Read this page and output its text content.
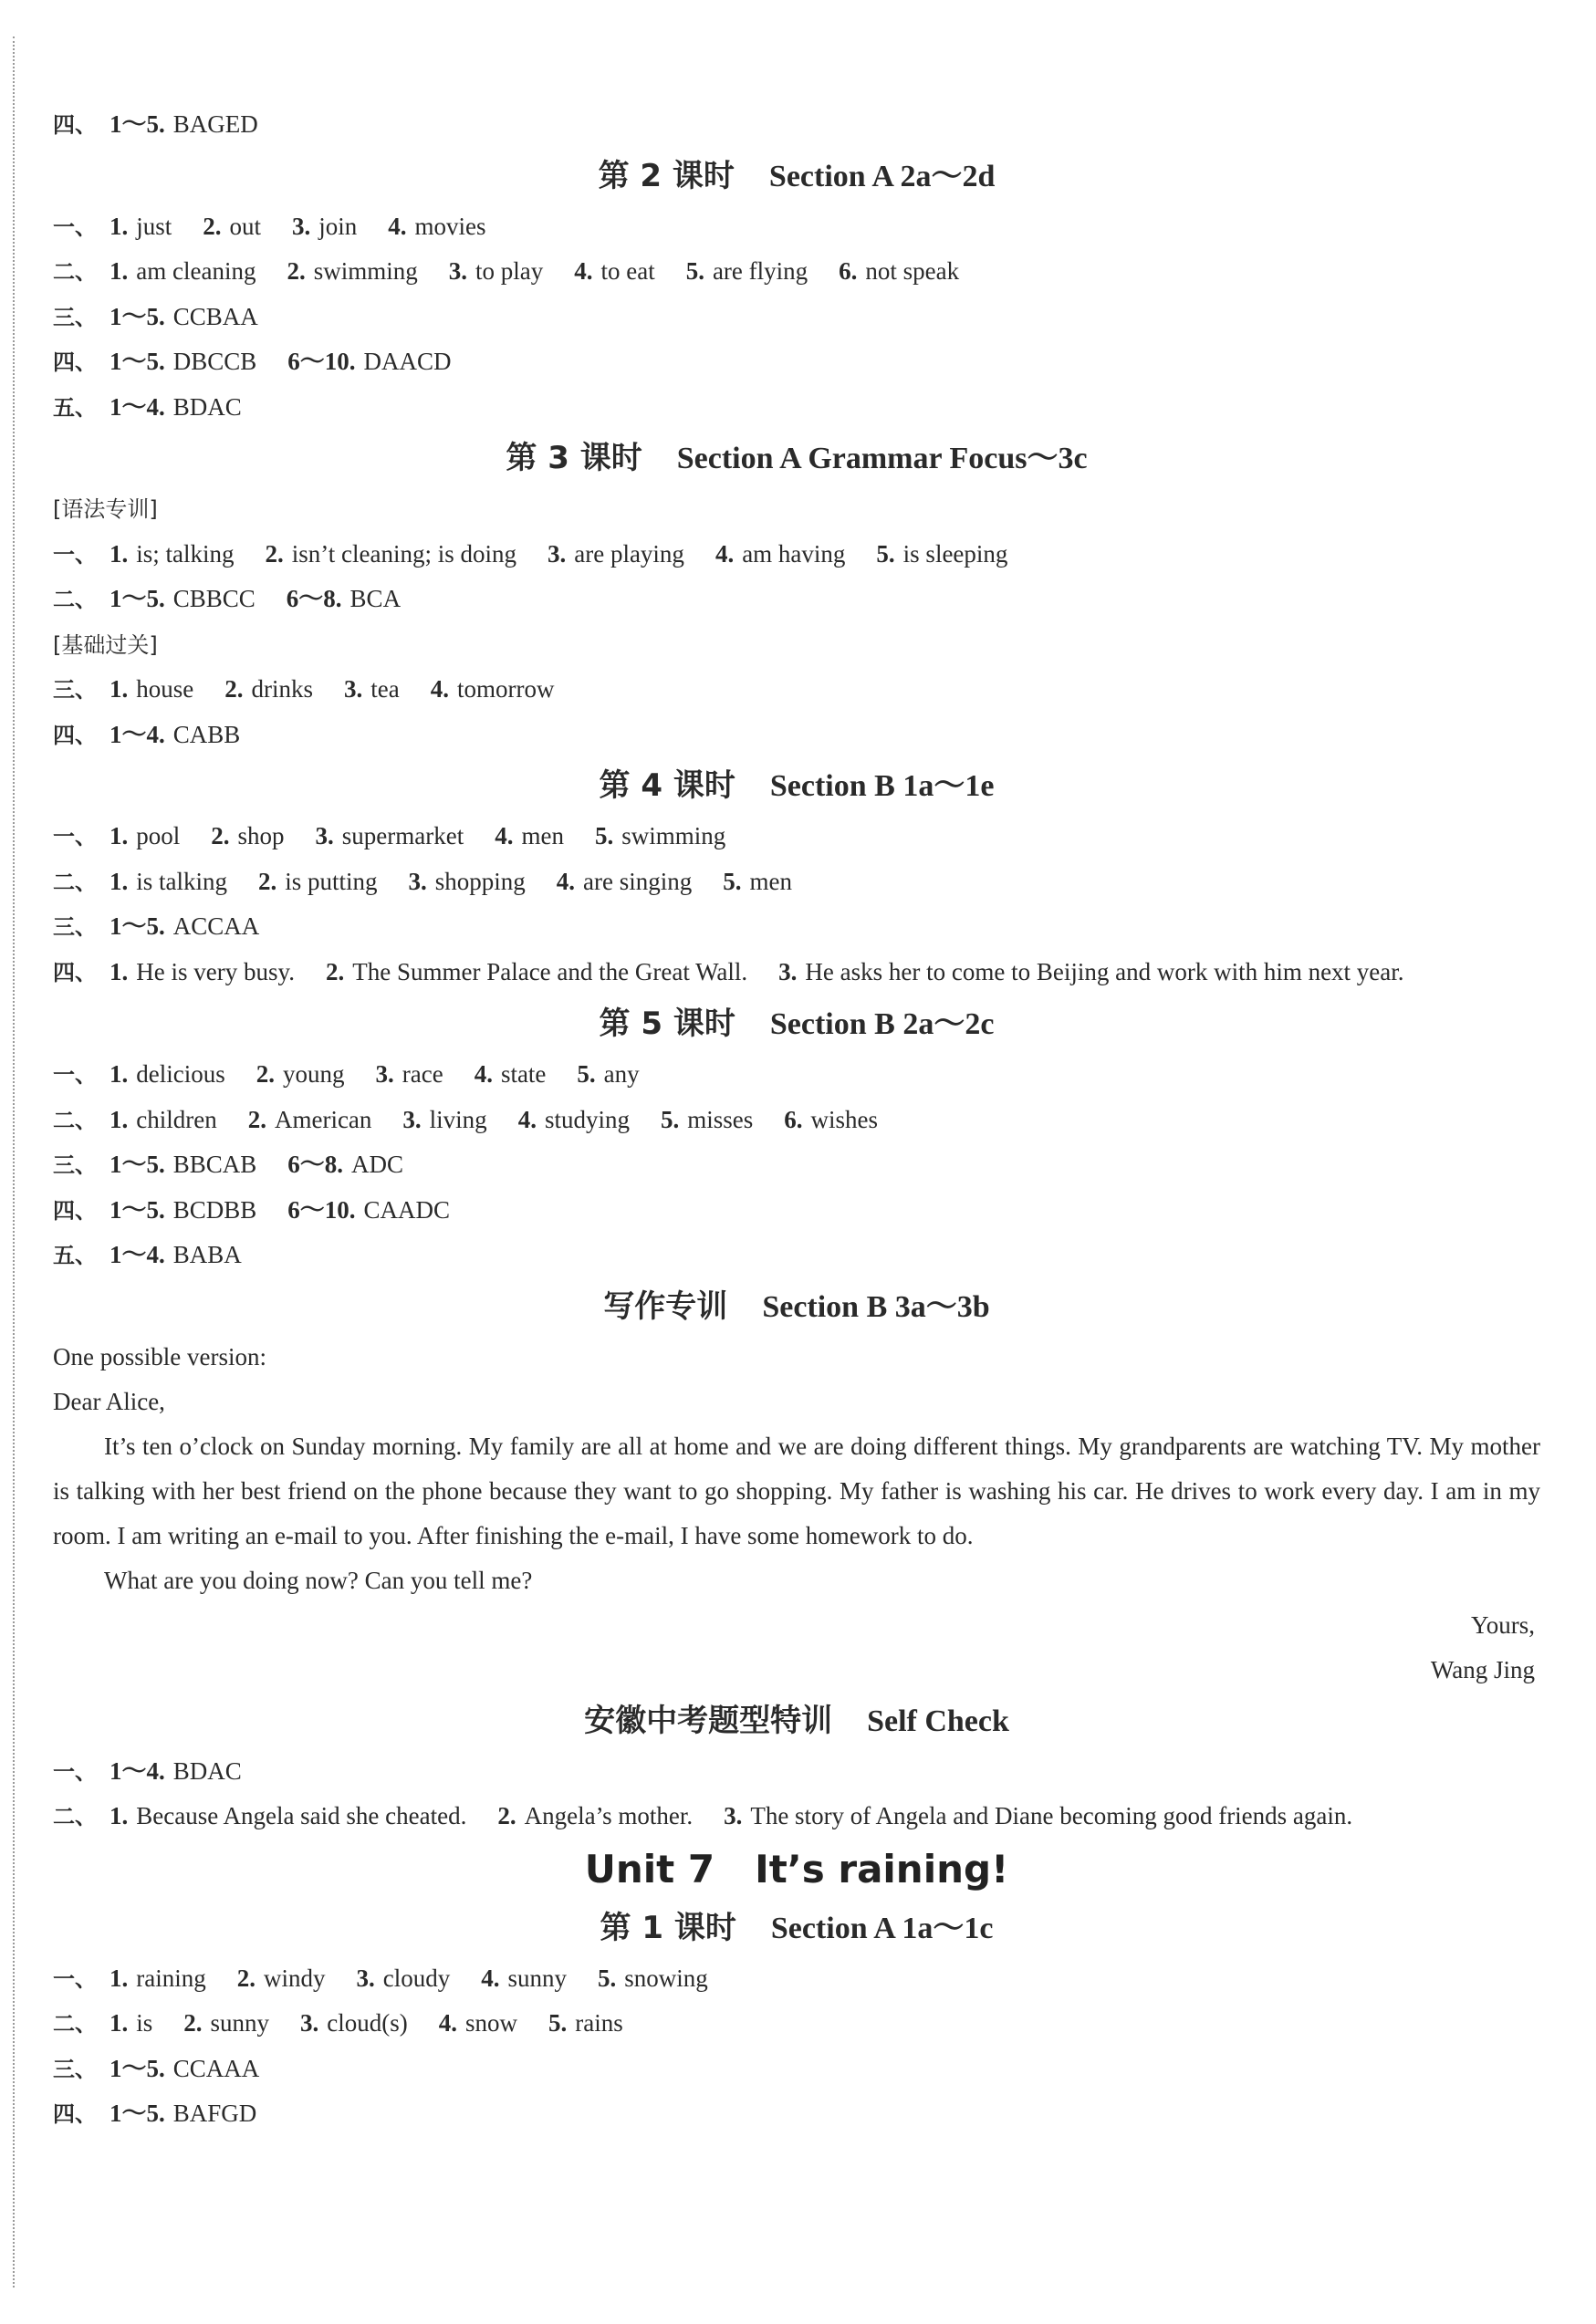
四、 1～5. BAGED
第 2 课时 Section A 2a～2d
一、 1. just 2. out 3. join 4. movies
二、 1. am cleaning 2. swimming 3. to play 4. to eat 5. are flying 6. not speak
三、 1～5. CCBAA
四、 1～5. DBCCB 6～10. DAACD
五、 1～4. BDAC
第 3 课时 Section A Grammar Focus～3c
[语法专训]
一、 1. is; talking 2. isn’t cleaning; is doing 3. are playing 4. am having 5. is sleeping
二、 1～5. CBBCC 6～8. BCA
[基础过关]
三、 1. house 2. drinks 3. tea 4. tomorrow
四、 1～4. CABB
第 4 课时 Section B 1a～1e
一、 1. pool 2. shop 3. supermarket 4. men 5. swimming
二、 1. is talking 2. is putting 3. shopping 4. are singing 5. men
三、 1～5. ACCAA
四、 1. He is very busy. 2. The Summer Palace and the Great Wall. 3. He asks her to come to Beijing and work with him next year.
第 5 课时 Section B 2a～2c
一、 1. delicious 2. young 3. race 4. state 5. any
二、 1. children 2. American 3. living 4. studying 5. misses 6. wishes
三、 1～5. BBCAB 6～8. ADC
四、 1～5. BCDBB 6～10. CAADC
五、 1～4. BABA
写作专训 Section B 3a～3b
One possible version:
Dear Alice,
It’s ten o’clock on Sunday morning. My family are all at home and we are doing different things. My grandparents are watching TV. My mother is talking with her best friend on the phone because they want to go shopping. My father is washing his car. He drives to work every day. I am in my room. I am writing an e-mail to you. After finishing the e-mail, I have some homework to do.
What are you doing now? Can you tell me?
Yours,
Wang Jing
安徽中考题型特训 Self Check
一、 1～4. BDAC
二、 1. Because Angela said she cheated. 2. Angela’s mother. 3. The story of Angela and Diane becoming good friends again.
Unit 7 It’s raining!
第 1 课时 Section A 1a～1c
一、 1. raining 2. windy 3. cloudy 4. sunny 5. snowing
二、 1. is 2. sunny 3. cloud(s) 4. snow 5. rains
三、 1～5. CCAAA
四、 1～5. BAFGD
